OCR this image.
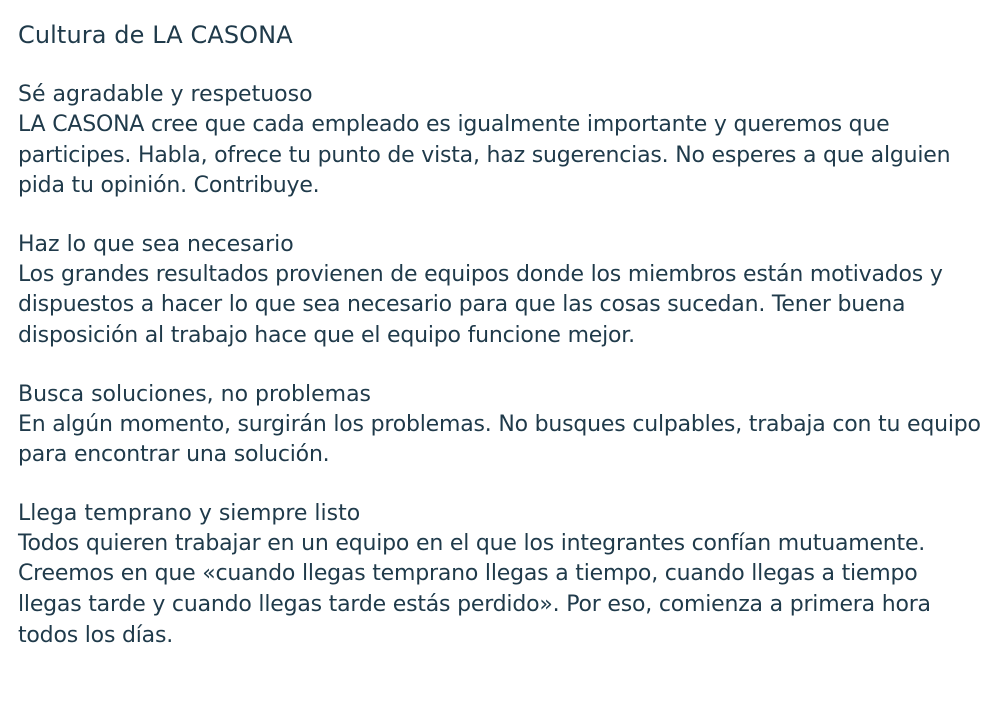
Cultura de LA CASONA
Sé agradable y respetuoso

LA CASONA cree que cada empleado es igualmente importante y queremos que participes. Habla, ofrece tu punto de vista, haz sugerencias. No esperes a que alguien pida tu opinión. Contribuye.

Haz lo que sea necesario

Los grandes resultados provienen de equipos donde los miembros están motivados y dispuestos a hacer lo que sea necesario para que las cosas sucedan. Tener buena disposición al trabajo hace que el equipo funcione mejor.

Busca soluciones, no problemas

En algún momento, surgirán los problemas. No busques culpables, trabaja con tu equipo para encontrar una solución.

Llega temprano y siempre listo

Todos quieren trabajar en un equipo en el que los integrantes confían mutuamente. Creemos en que «cuando llegas temprano llegas a tiempo, cuando llegas a tiempo llegas tarde y cuando llegas tarde estás perdido». Por eso, comienza a primera hora todos los días.
